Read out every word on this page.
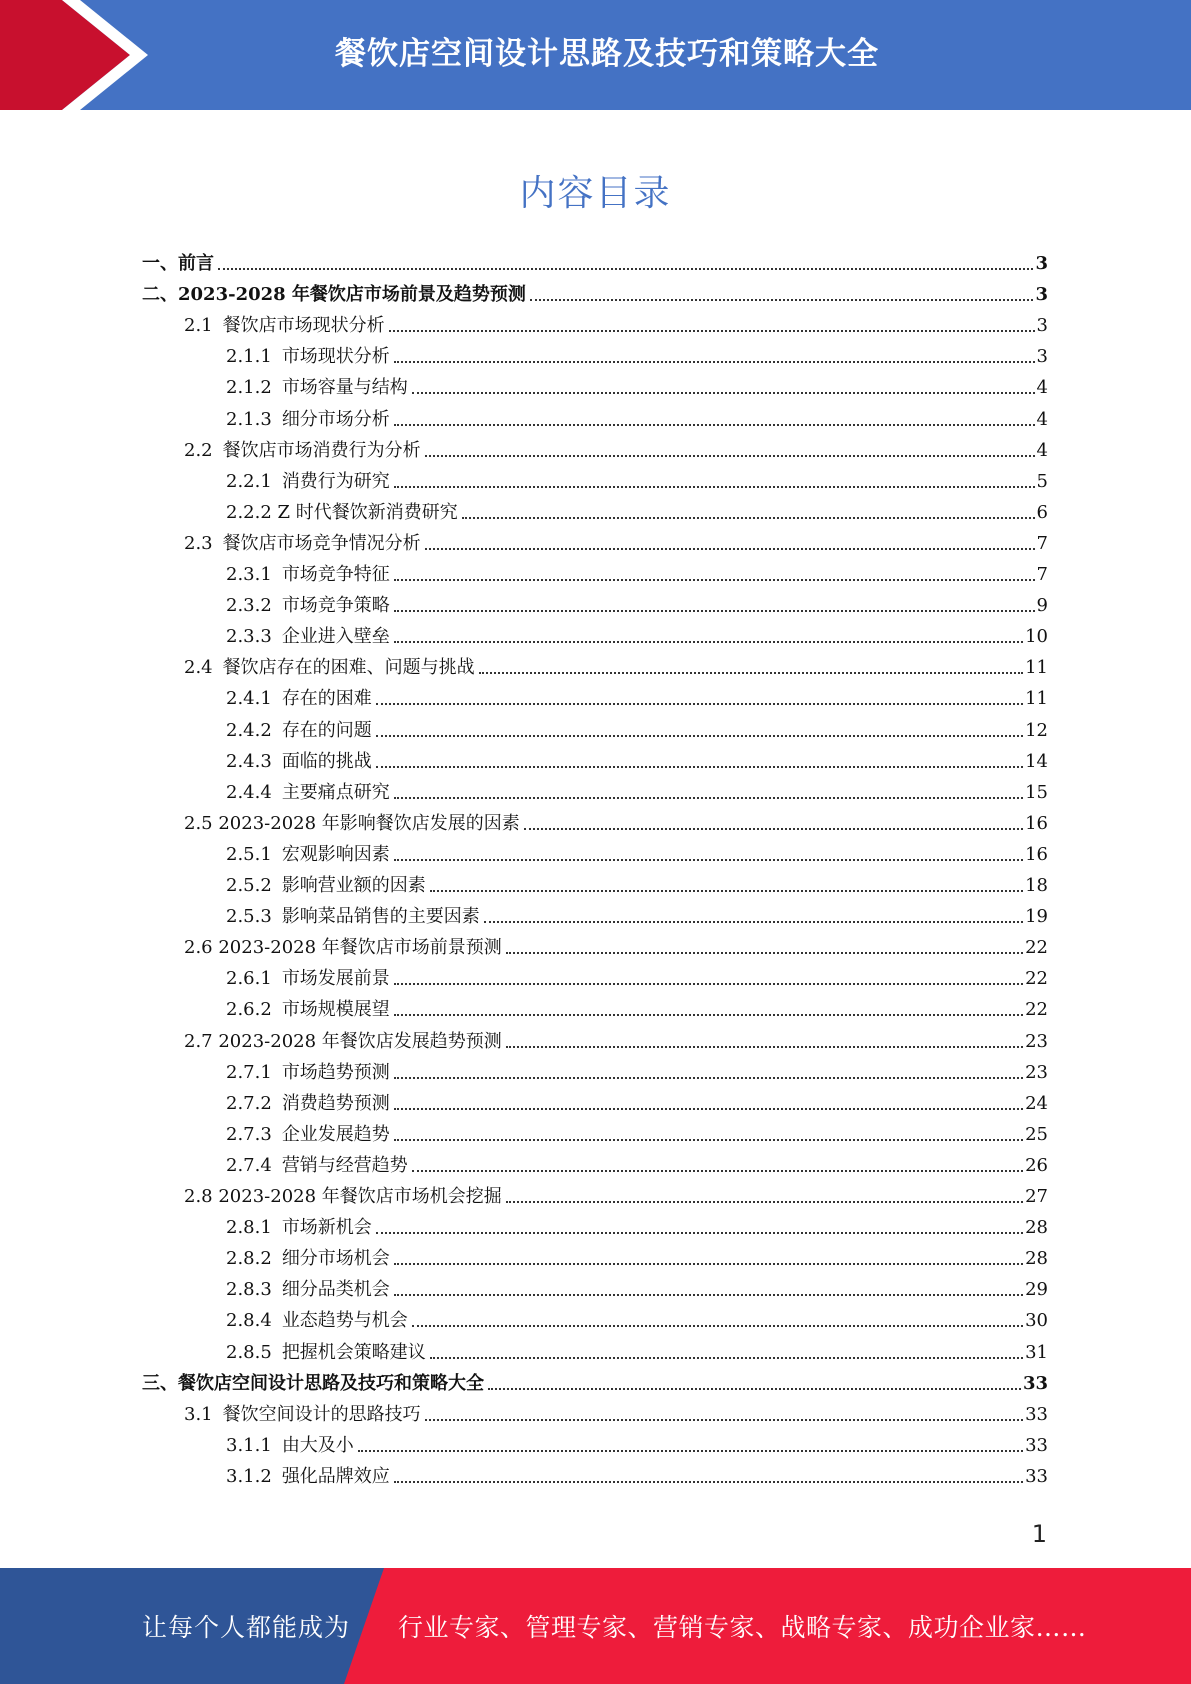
餐饮店空间设计思路及技巧和策略大全
内容目录
一、前言	3
二、2023-2028 年餐饮店市场前景及趋势预测	3
2.1 餐饮店市场现状分析	3
2.1.1 市场现状分析	3
2.1.2 市场容量与结构	4
2.1.3 细分市场分析	4
2.2 餐饮店市场消费行为分析	4
2.2.1 消费行为研究	5
2.2.2 Z 时代餐饮新消费研究	6
2.3 餐饮店市场竞争情况分析	7
2.3.1 市场竞争特征	7
2.3.2 市场竞争策略	9
2.3.3 企业进入壁垒	10
2.4 餐饮店存在的困难、问题与挑战	11
2.4.1 存在的困难	11
2.4.2 存在的问题	12
2.4.3 面临的挑战	14
2.4.4 主要痛点研究	15
2.5 2023-2028 年影响餐饮店发展的因素	16
2.5.1 宏观影响因素	16
2.5.2 影响营业额的因素	18
2.5.3 影响菜品销售的主要因素	19
2.6 2023-2028 年餐饮店市场前景预测	22
2.6.1 市场发展前景	22
2.6.2 市场规模展望	22
2.7 2023-2028 年餐饮店发展趋势预测	23
2.7.1 市场趋势预测	23
2.7.2 消费趋势预测	24
2.7.3 企业发展趋势	25
2.7.4 营销与经营趋势	26
2.8 2023-2028 年餐饮店市场机会挖掘	27
2.8.1 市场新机会	28
2.8.2 细分市场机会	28
2.8.3 细分品类机会	29
2.8.4 业态趋势与机会	30
2.8.5 把握机会策略建议	31
三、餐饮店空间设计思路及技巧和策略大全	33
3.1 餐饮空间设计的思路技巧	33
3.1.1 由大及小	33
3.1.2 强化品牌效应	33
1
让每个人都能成为 行业专家、管理专家、营销专家、战略专家、成功企业家……
